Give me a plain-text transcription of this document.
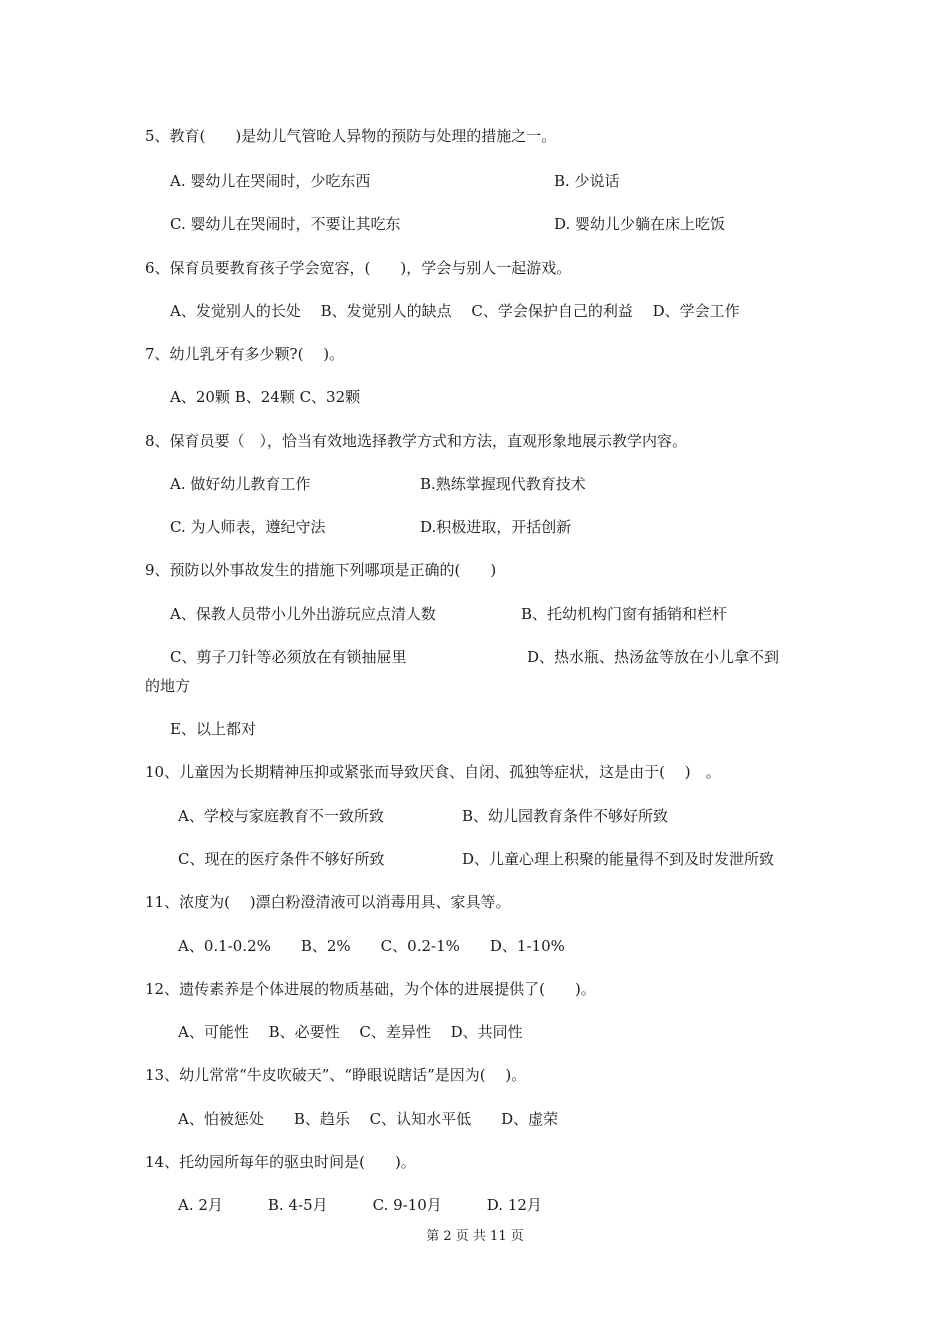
5、教育(　　)是幼儿气管呛人异物的预防与处理的措施之一。
A. 婴幼儿在哭闹时，少吃东西	B. 少说话
C. 婴幼儿在哭闹时，不要让其吃东	D. 婴幼儿少躺在床上吃饭
6、保育员要教育孩子学会宽容，(　　)，学会与别人一起游戏。
A、发觉别人的长处　 B、发觉别人的缺点　 C、学会保护自己的利益　 D、学会工作
7、幼儿乳牙有多少颗?(　 )。
A、20颗 B、24颗 C、32颗
8、保育员要（　），恰当有效地选择教学方式和方法，直观形象地展示教学内容。
A. 做好幼儿教育工作	B.熟练掌握现代教育技术
C. 为人师表，遵纪守法	D.积极进取，开括创新
9、预防以外事故发生的措施下列哪项是正确的(　　)
A、保教人员带小儿外出游玩应点清人数	B、托幼机构门窗有插销和栏杆
C、剪子刀针等必须放在有锁抽屉里	D、热水瓶、热汤盆等放在小儿拿不到
的地方
E、以上都对
10、儿童因为长期精神压抑或紧张而导致厌食、自闭、孤独等症状，这是由于(　 )　。
A、学校与家庭教育不一致所致	B、幼儿园教育条件不够好所致
C、现在的医疗条件不够好所致	D、儿童心理上积聚的能量得不到及时发泄所致
11、浓度为(　 )漂白粉澄清液可以消毒用具、家具等。
A、0.1-0.2%　　B、2%　　C、0.2-1%　　D、1-10%
12、遗传素养是个体进展的物质基础，为个体的进展提供了(　　)。
A、可能性　 B、必要性　 C、差异性　 D、共同性
13、幼儿常常“牛皮吹破天”、“睁眼说瞎话”是因为(　 )。
A、怕被惩处　　B、趋乐　 C、认知水平低　　D、虚荣
14、托幼园所每年的驱虫时间是(　　)。
A. 2月　　　B. 4-5月　　　C. 9-10月　　　D. 12月
第 2 页 共 11 页
